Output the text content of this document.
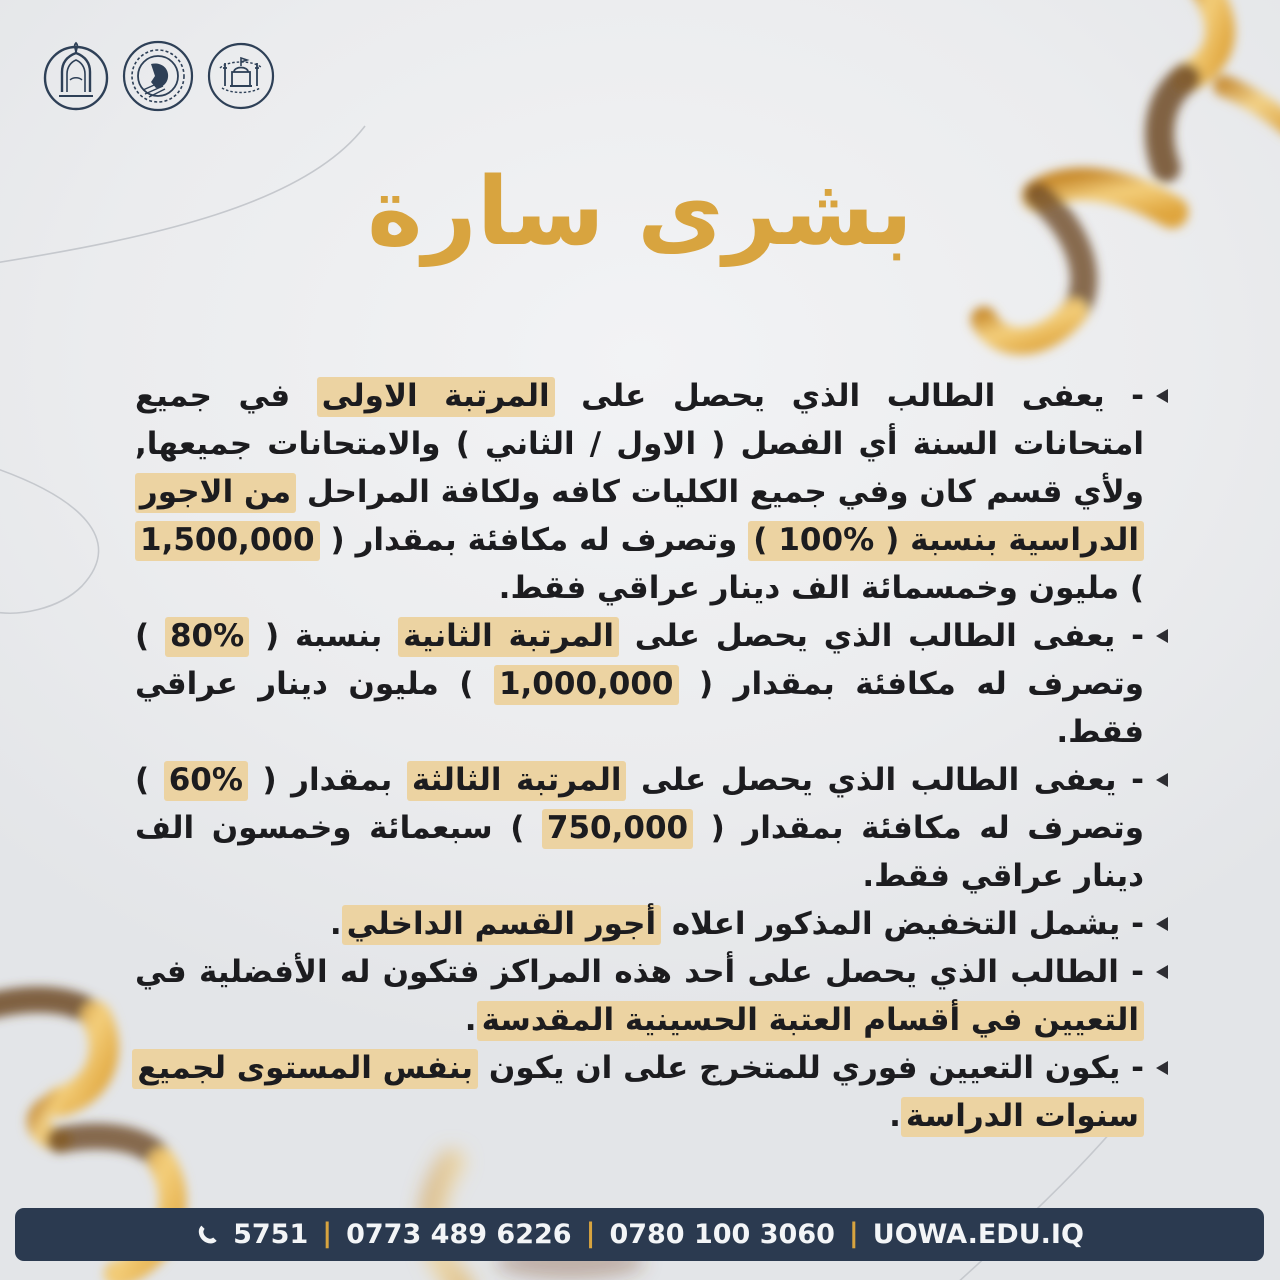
بشرى سارة

- يعفى الطالب الذي يحصل على المرتبة الاولى في جميع امتحانات السنة أي الفصل ( الاول / الثاني ) والامتحانات جميعها, ولأي قسم كان وفي جميع الكليات كافه ولكافة المراحل من الاجور الدراسية بنسبة ( %100 ) وتصرف له مكافئة بمقدار ( 1,500,000 ) مليون وخمسمائة الف دينار عراقي فقط.

- يعفى الطالب الذي يحصل على المرتبة الثانية بنسبة ( %80 ) وتصرف له مكافئة بمقدار ( 1,000,000 ) مليون دينار عراقي فقط.

- يعفى الطالب الذي يحصل على المرتبة الثالثة بمقدار ( %60 ) وتصرف له مكافئة بمقدار ( 750,000 ) سبعمائة وخمسون الف دينار عراقي فقط.

- يشمل التخفيض المذكور اعلاه أجور القسم الداخلي.

- الطالب الذي يحصل على أحد هذه المراكز فتكون له الأفضلية في التعيين في أقسام العتبة الحسينية المقدسة.

- يكون التعيين فوري للمتخرج على ان يكون بنفس المستوى لجميع سنوات الدراسة.

5751 | 0773 489 6226 | 0780 100 3060 | UOWA.EDU.IQ
